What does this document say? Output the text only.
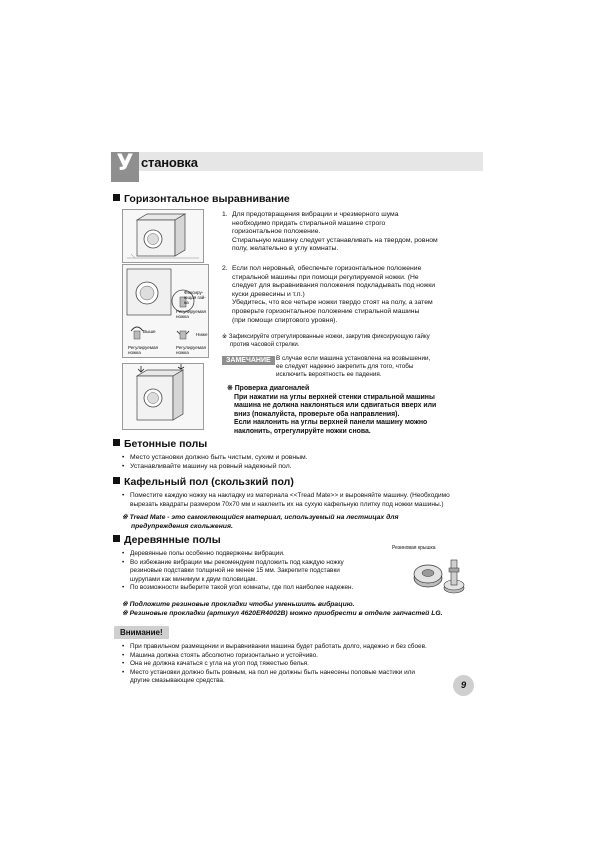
У становка
Горизонтальное выравнивание
1. Для предотвращения вибрации и чрезмерного шума
необходимо придать стиральной машине строго
горизонтальное положение.
Стиральную машину следует устанавливать на твердом, ровном
полу, желательно в углу комнаты.
Фиксиру-
ющая гай-
ка
Регулируемая
ножка
Выше
Ниже
Регулируемая
ножка
Регулируемая
ножка
2. Если пол неровный, обеспечьте горизонтальное положение
стиральной машины при помощи регулируемой ножки. (Не
следует для выравнивания положения подкладывать под ножки
куски древесины и т.п.)
Убедитесь, что все четыре ножки твердо стоят на полу, а затем
проверьте горизонтальное положение стиральной машины
(при помощи спиртового уровня).
※ Зафиксируйте отрегулированные ножки, закрутив фиксирующую гайку
против часовой стрелки.
ЗАМЕЧАНИЕ В случае если машина установлена на возвышении,
ее следует надежно закрепить для того, чтобы
исключить вероятность ее падения.
※ Проверка диагоналей
При нажатии на углы верхней стенки стиральной машины
машина не должна наклоняться или сдвигаться вверх или
вниз (пожалуйста, проверьте оба направления).
Если наклонить на углы верхней панели машину можно
наклонить, отрегулируйте ножки снова.
Бетонные полы
• Место установки должно быть чистым, сухим и ровным.
• Устанавливайте машину на ровный надежный пол.
Кафельный пол (скользкий пол)
• Поместите каждую ножку на накладку из материала <<Tread Mate>> и выровняйте машину. (Необходимо
вырезать квадраты размером 70x70 мм и наклеить их на сухую кафельную плитку под ножки машины.)
※ Tread Mate - это самоклеющийся материал, используемый на лестницах для
предупреждения скольжения.
Деревянные полы
• Деревянные полы особенно подвержены вибрации.
• Во избежание вибрации мы рекомендуем подложить под каждую ножку
резиновые подставки толщиной не менее 15 мм. Закрепите подставки
шурупами как минимум к двум половицам.
• По возможности выберите такой угол комнаты, где пол наиболее надежен.
Резиновая крышка
※ Подложите резиновые прокладки чтобы уменьшить вибрацию.
※ Резиновые прокладки (артикул 4620ER4002B) можно приобрести в отделе запчастей LG.
Внимание!
• При правильном размещении и выравнивании машина будет работать долго, надежно и без сбоев.
• Машина должна стоять абсолютно горизонтально и устойчиво.
• Она не должна качаться с угла на угол под тяжестью белья.
• Место установки должно быть ровным, на пол не должны быть нанесены половые мастики или
другие смазывающие средства.	9
